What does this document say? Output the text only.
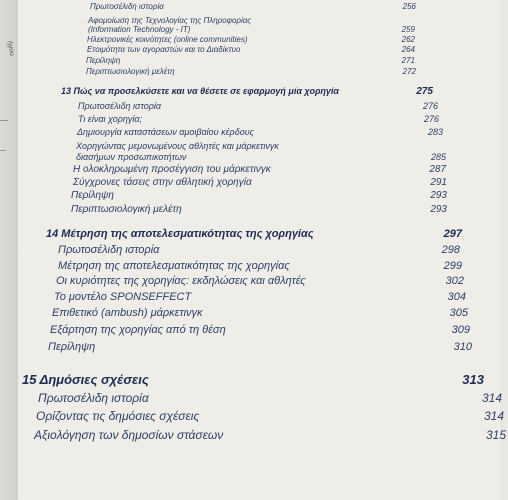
ήγου
Πρωτοσέλιδη ιστορία	256
Αφομοίωση της Τεχνολογίας της Πληροφορίας
(Information Technology - IT)	259
Ηλεκτρονικές κοινότητες (online communities)	262
Ετοιμότητα των αγοραστών και το Διαδίκτυο	264
Περίληψη	271
Περιπτωσιολογική μελέτη	272
13 Πώς να προσελκύσετε και να θέσετε σε εφαρμογή μία χορηγία	275
Πρωτοσέλιδη ιστορία	276
Τι είναι χορηγία;	276
Δημιουργία καταστάσεων αμοιβαίου κέρδους	283
Χορηγώντας μεμονωμένους αθλητές και μάρκετινγκ
διασήμων προσωπικοτήτων	285
Η ολοκληρωμένη προσέγγιση του μάρκετινγκ	287
Σύγχρονες τάσεις στην αθλητική χορηγία	291
Περίληψη	293
Περιπτωσιολογική μελέτη	293
14 Μέτρηση της αποτελεσματικότητας της χορηγίας	297
Πρωτοσέλιδη ιστορία	298
Μέτρηση της αποτελεσματικότητας της χορηγίας	299
Οι κυριότητες της χορηγίας: εκδηλώσεις και αθλητές	302
Το μοντέλο SPONSEFFECT	304
Επιθετικό (ambush) μάρκετινγκ	305
Εξάρτηση της χορηγίας από τη θέση	309
Περίληψη	310
15 Δημόσιες σχέσεις	313
Πρωτοσέλιδη ιστορία	314
Ορίζοντας τις δημόσιες σχέσεις	314
Αξιολόγηση των δημοσίων στάσεων	315
